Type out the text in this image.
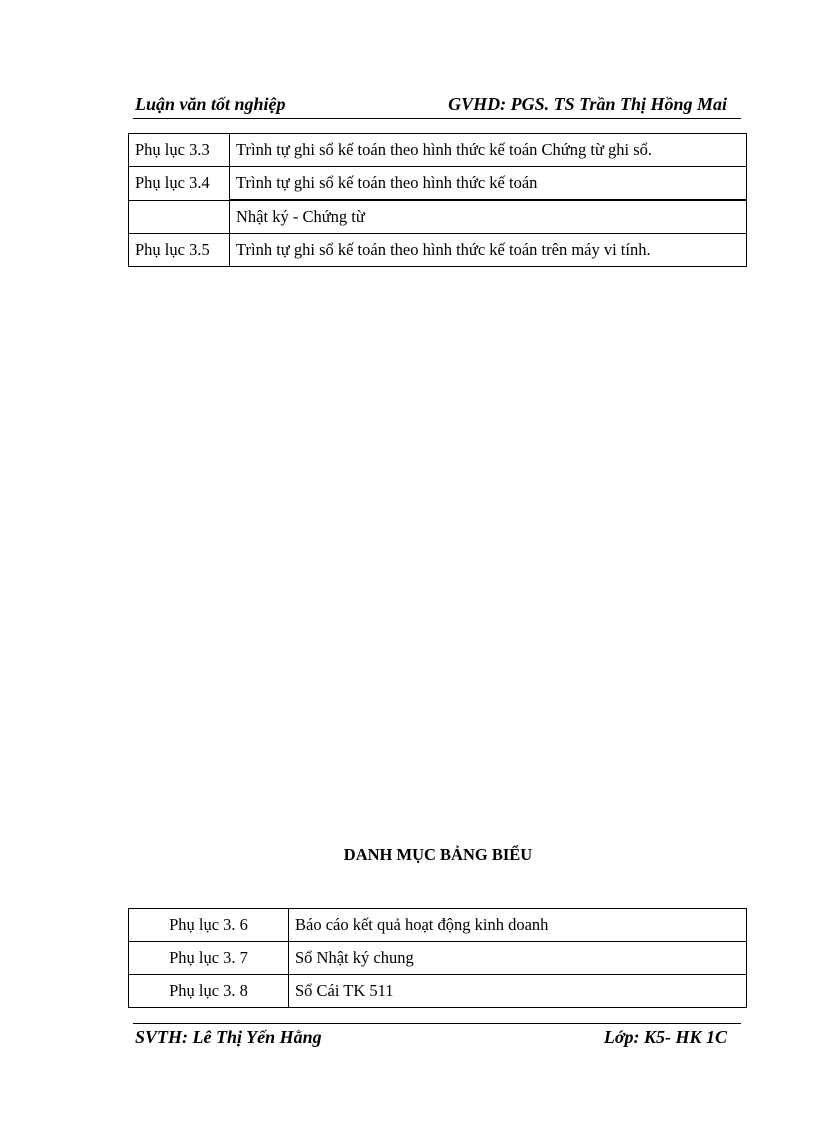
Luận văn tốt nghiệp	GVHD: PGS. TS Trần Thị Hồng Mai
Phụ lục 3.3	Trình tự ghi sổ kế toán theo hình thức kế toán Chứng từ ghi sổ.
Phụ lục 3.4	Trình tự ghi sổ kế toán theo hình thức kế toán
	Nhật ký - Chứng từ
Phụ lục 3.5	Trình tự ghi sổ kế toán theo hình thức kế toán trên máy vi tính.
DANH MỤC BẢNG BIỂU
Phụ lục 3. 6	Báo cáo kết quả hoạt động kinh doanh
Phụ lục 3. 7	Sổ Nhật ký chung
Phụ lục 3. 8	Sổ Cái TK 511
SVTH: Lê Thị Yến Hằng	Lớp: K5- HK 1C
